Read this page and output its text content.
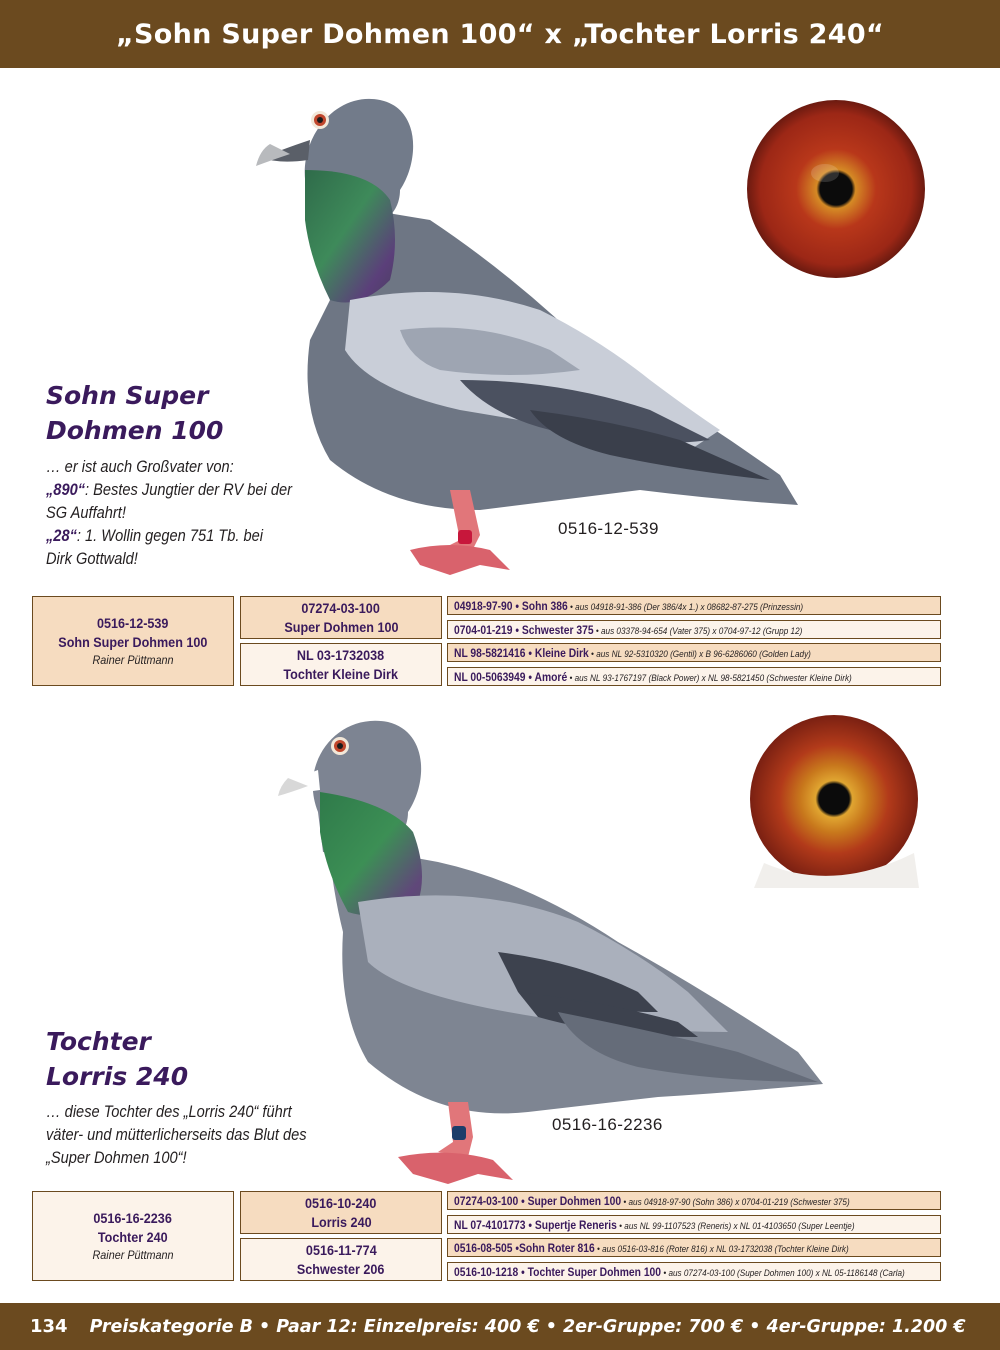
„Sohn Super Dohmen 100“ x „Tochter Lorris 240“
Sohn Super
Dohmen 100
… er ist auch Großvater von:
„890“: Bestes Jungtier der RV bei der
SG Auffahrt!
„28“: 1. Wollin gegen 751 Tb. bei
Dirk Gottwald!
0516-12-539
0516-12-539
Sohn Super Dohmen 100
Rainer Püttmann
07274-03-100
Super Dohmen 100
NL 03-1732038
Tochter Kleine Dirk
04918-97-90 • Sohn 386 • aus 04918-91-386 (Der 386/4x 1.) x 08682-87-275 (Prinzessin)
0704-01-219 • Schwester 375 • aus 03378-94-654 (Vater 375) x 0704-97-12 (Grupp 12)
NL 98-5821416 • Kleine Dirk • aus NL 92-5310320 (Gentil) x B 96-6286060 (Golden Lady)
NL 00-5063949 • Amoré • aus NL 93-1767197 (Black Power) x NL 98-5821450 (Schwester Kleine Dirk)
Tochter
Lorris 240
… diese Tochter des „Lorris 240“ führt
väter- und mütterlicherseits das Blut des
„Super Dohmen 100“!
0516-16-2236
0516-16-2236
Tochter 240
Rainer Püttmann
0516-10-240
Lorris 240
0516-11-774
Schwester 206
07274-03-100 • Super Dohmen 100 • aus 04918-97-90 (Sohn 386) x 0704-01-219 (Schwester 375)
NL 07-4101773 • Supertje Reneris • aus NL 99-1107523 (Reneris) x NL 01-4103650 (Super Leentje)
0516-08-505 •Sohn Roter 816 • aus 0516-03-816 (Roter 816) x NL 03-1732038 (Tochter Kleine Dirk)
0516-10-1218 • Tochter Super Dohmen 100 • aus 07274-03-100 (Super Dohmen 100) x NL 05-1186148 (Carla)
134 Preiskategorie B • Paar 12: Einzelpreis: 400 € • 2er-Gruppe: 700 € • 4er-Gruppe: 1.200 €
